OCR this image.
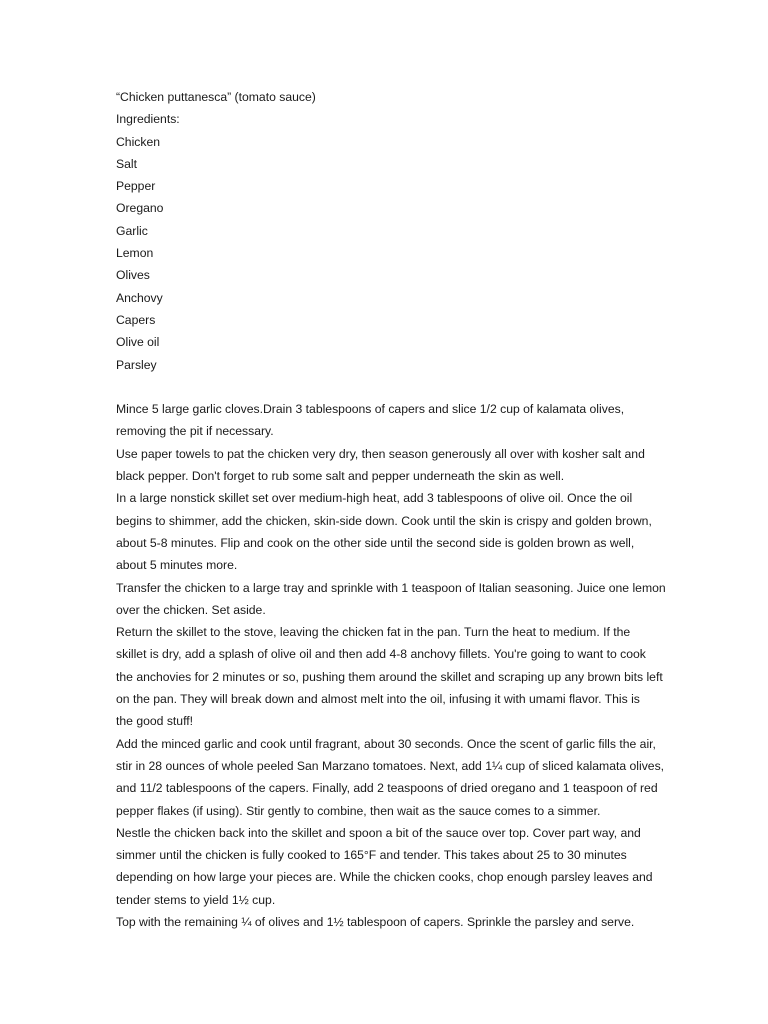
“Chicken puttanesca” (tomato sauce)

Ingredients:

Chicken
Salt
Pepper
Oregano
Garlic
Lemon
Olives
Anchovy
Capers
Olive oil
Parsley

Mince 5 large garlic cloves.Drain 3 tablespoons of capers and slice 1/2 cup of kalamata olives,

removing the pit if necessary.

Use paper towels to pat the chicken very dry, then season generously all over with kosher salt and

black pepper. Don't forget to rub some salt and pepper underneath the skin as well.

In a large nonstick skillet set over medium-high heat, add 3 tablespoons of olive oil. Once the oil

begins to shimmer, add the chicken, skin-side down. Cook until the skin is crispy and golden brown,

about 5-8 minutes. Flip and cook on the other side until the second side is golden brown as well,

about 5 minutes more.

Transfer the chicken to a large tray and sprinkle with 1 teaspoon of Italian seasoning. Juice one lemon

over the chicken. Set aside.

Return the skillet to the stove, leaving the chicken fat in the pan. Turn the heat to medium. If the

skillet is dry, add a splash of olive oil and then add 4-8 anchovy fillets. You're going to want to cook

the anchovies for 2 minutes or so, pushing them around the skillet and scraping up any brown bits left

on the pan. They will break down and almost melt into the oil, infusing it with umami flavor. This is

the good stuff!

Add the minced garlic and cook until fragrant, about 30 seconds. Once the scent of garlic fills the air,

stir in 28 ounces of whole peeled San Marzano tomatoes. Next, add 1¼ cup of sliced kalamata olives,

and 11/2 tablespoons of the capers. Finally, add 2 teaspoons of dried oregano and 1 teaspoon of red

pepper flakes (if using). Stir gently to combine, then wait as the sauce comes to a simmer.

Nestle the chicken back into the skillet and spoon a bit of the sauce over top. Cover part way, and

simmer until the chicken is fully cooked to 165°F and tender. This takes about 25 to 30 minutes

depending on how large your pieces are. While the chicken cooks, chop enough parsley leaves and

tender stems to yield 1½ cup.

Top with the remaining ¼ of olives and 1½ tablespoon of capers. Sprinkle the parsley and serve.
